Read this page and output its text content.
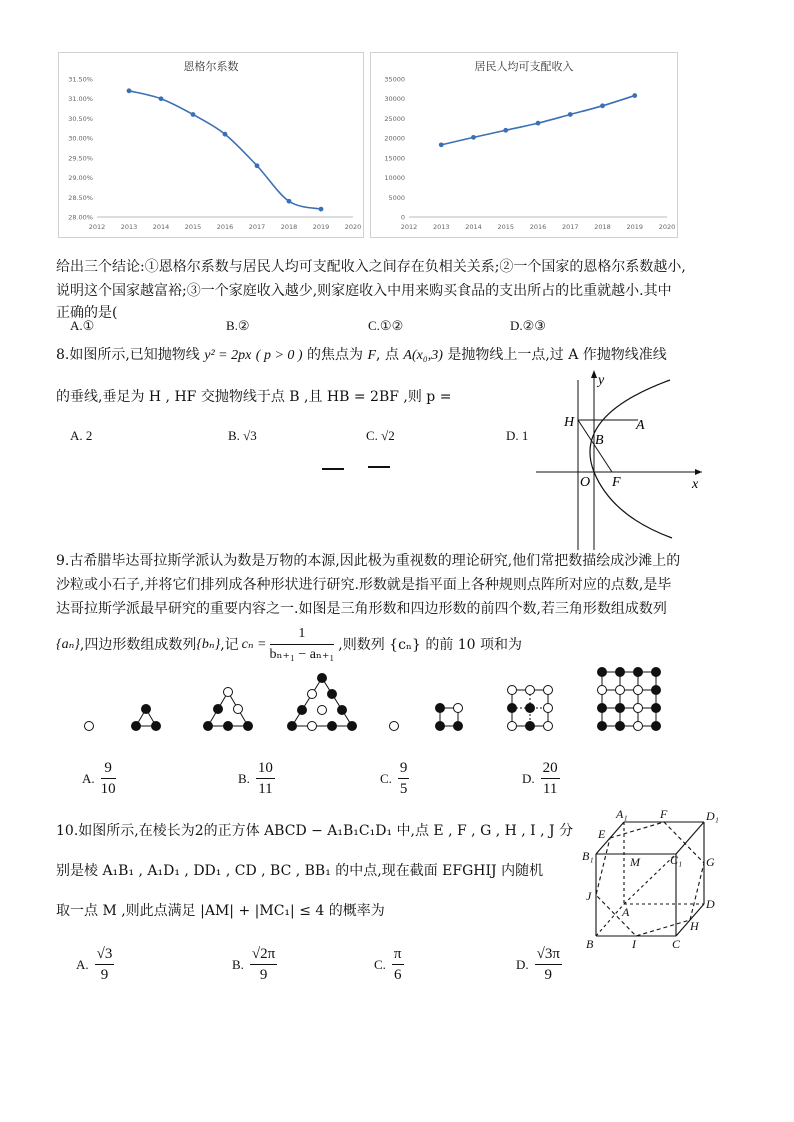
恩格尔系数
28.00%
28.50%
29.00%
29.50%
30.00%
30.50%
31.00%
31.50%
2012 2013 2014 2015 2016 2017 2018 2019 2020
居民人均可支配收入
0
5000
10000
15000
20000
25000
30000
35000
2012 2013 2014 2015 2016 2017 2018 2019 2020
给出三个结论:①恩格尔系数与居民人均可支配收入之间存在负相关关系;②一个国家的恩格尔系数越小,
说明这个国家越富裕;③一个家庭收入越少,则家庭收入中用来购买食品的支出所占的比重就越小.其中
正确的是(
A.①	B.②	C.①②	D.②③
8.如图所示,已知抛物线 y² = 2px ( p > 0 ) 的焦点为 F, 点 A(x₀,3) 是抛物线上一点,过 A 作抛物线准线
的垂线,垂足为 H , HF 交抛物线于点 B ,且 HB = 2BF ,则 p =
A. 2	B. √3	C. √2	D. 1
H	A
B
O F
y
x
9.古希腊毕达哥拉斯学派认为数是万物的本源,因此极为重视数的理论研究,他们常把数描绘成沙滩上的
沙粒或小石子,并将它们排列成各种形状进行研究.形数就是指平面上各种规则点阵所对应的点数,是毕
达哥拉斯学派最早研究的重要内容之一.如图是三角形数和四边形数的前四个数,若三角形数组成数列
{aₙ} ,四边形数组成数列 {bₙ} ,记 $c_n = \frac{1}{\text{bₙ₊₁ − aₙ₊₁}}$ ,则数列 {cₙ} 的前 10 项和为
A. $\frac{9}{10}$	B. $\frac{10}{11}$	C. $\frac{9}{5}$	D. $\frac{20}{11}$
10.如图所示,在棱长为2的正方体 ABCD − A₁B₁C₁D₁ 中,点 E , F , G , H , I , J 分
别是棱 A₁B₁ , A₁D₁ , DD₁ , CD , BC , BB₁ 的中点,现在截面 EFGHIJ 内随机
取一点 M ,则此点满足 |AM| + |MC₁| ≤ 4 的概率为
A. $\frac{√3}{9}$	B. $\frac{√2\pi}{9}$	C. $\frac{\pi}{6}$	D. $\frac{√3\pi}{9}$
A₁	F	D₁
E
B₁	M	C₁ G
J
A
D
H
B	I	C
